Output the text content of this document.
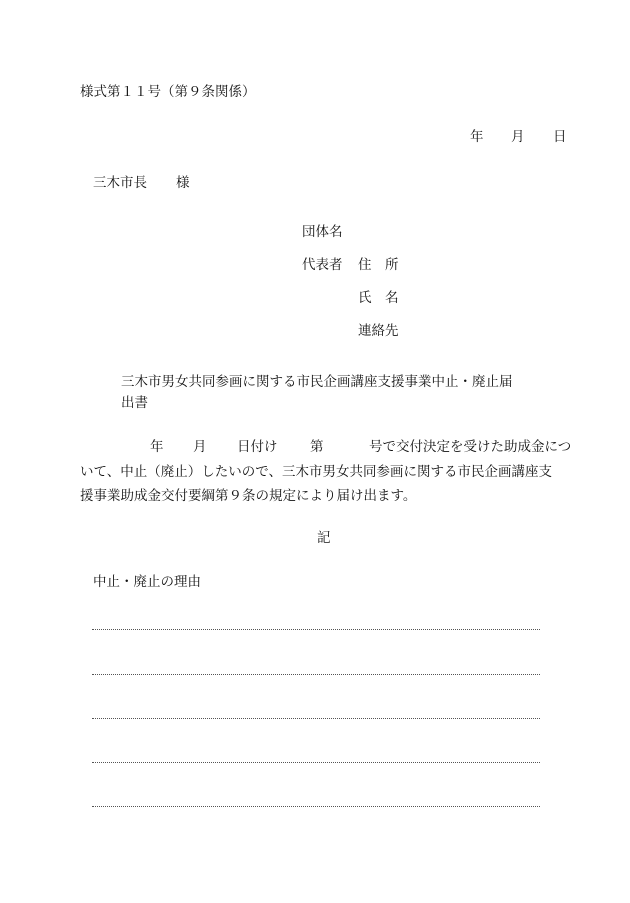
様式第１１号（第９条関係）
年 月 日
三木市長 様
団体名
代表者 住　所
氏　名
連絡先
三木市男女共同参画に関する市民企画講座支援事業中止・廃止届
出書
年 月 日付け 第	号で交付決定を受けた助成金につ
いて、中止（廃止）したいので、三木市男女共同参画に関する市民企画講座支
援事業助成金交付要綱第９条の規定により届け出ます。
記
中止・廃止の理由
